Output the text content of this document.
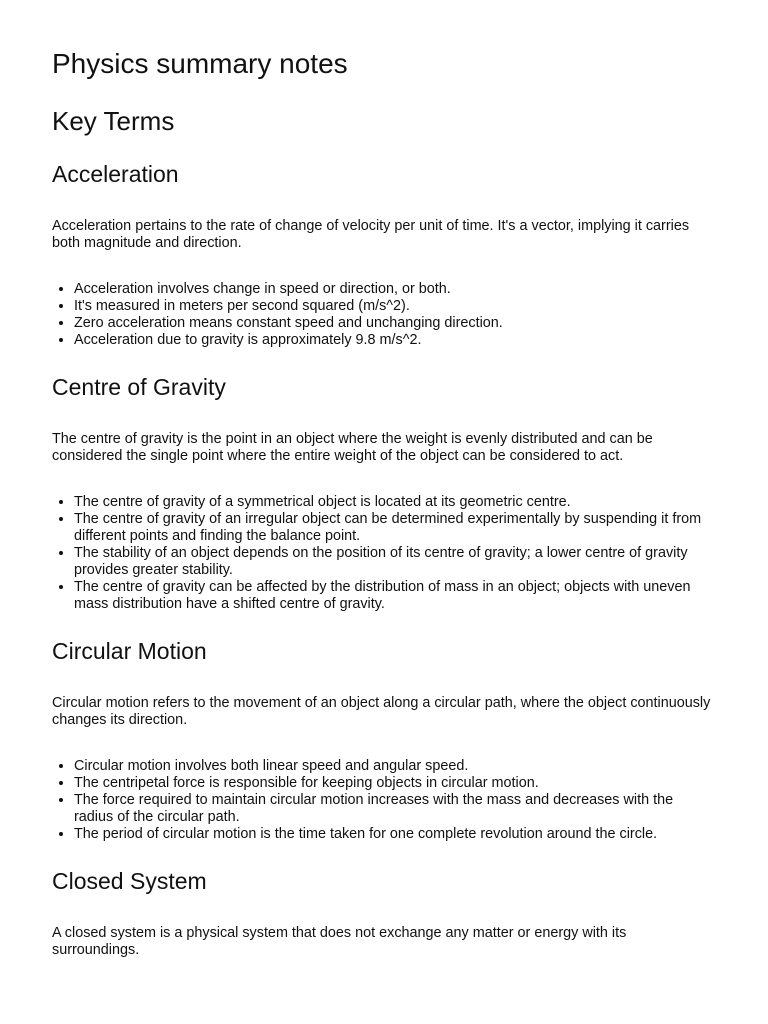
Physics summary notes
Key Terms
Acceleration

Acceleration pertains to the rate of change of velocity per unit of time. It's a vector, implying it carries both magnitude and direction.

• Acceleration involves change in speed or direction, or both.
• It's measured in meters per second squared (m/s^2).
• Zero acceleration means constant speed and unchanging direction.
• Acceleration due to gravity is approximately 9.8 m/s^2.
Centre of Gravity

The centre of gravity is the point in an object where the weight is evenly distributed and can be considered the single point where the entire weight of the object can be considered to act.

• The centre of gravity of a symmetrical object is located at its geometric centre.
• The centre of gravity of an irregular object can be determined experimentally by suspending it from different points and finding the balance point.
• The stability of an object depends on the position of its centre of gravity; a lower centre of gravity provides greater stability.
• The centre of gravity can be affected by the distribution of mass in an object; objects with uneven mass distribution have a shifted centre of gravity.
Circular Motion

Circular motion refers to the movement of an object along a circular path, where the object continuously changes its direction.

• Circular motion involves both linear speed and angular speed.
• The centripetal force is responsible for keeping objects in circular motion.
• The force required to maintain circular motion increases with the mass and decreases with the radius of the circular path.
• The period of circular motion is the time taken for one complete revolution around the circle.
Closed System

A closed system is a physical system that does not exchange any matter or energy with its surroundings.
